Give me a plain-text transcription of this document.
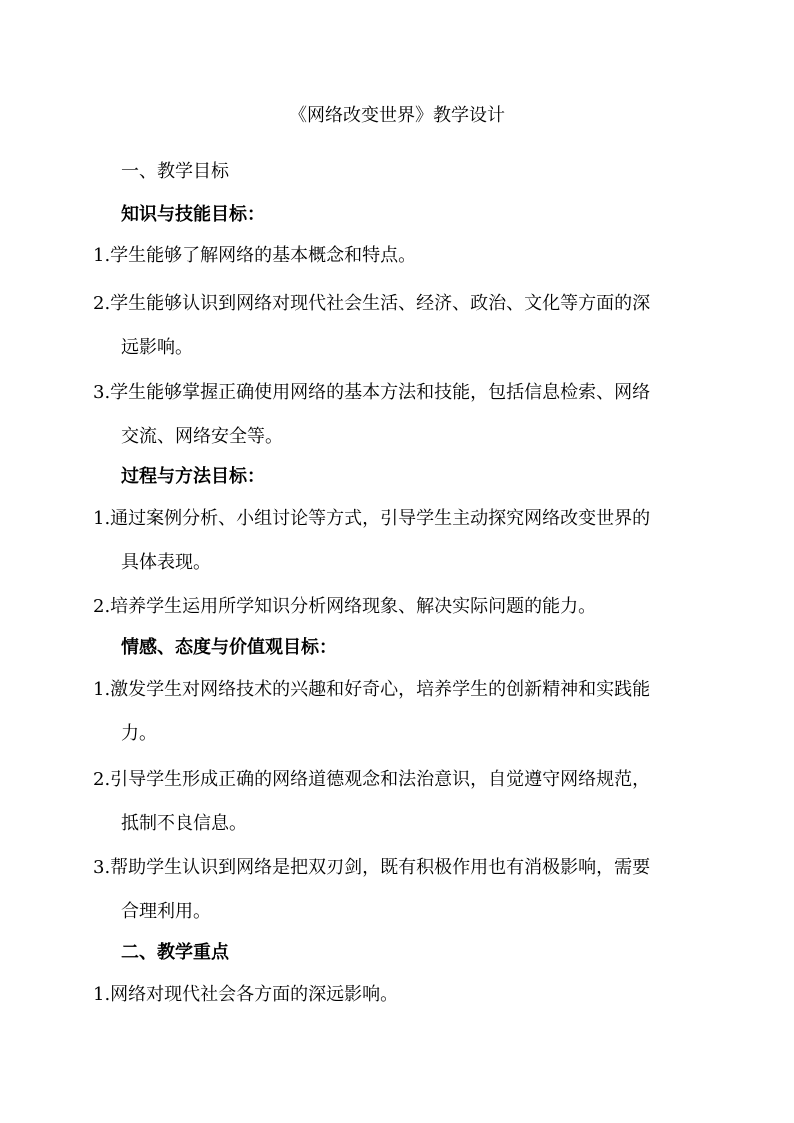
《网络改变世界》教学设计
一、教学目标
知识与技能目标：
1.学生能够了解网络的基本概念和特点。
2.学生能够认识到网络对现代社会生活、经济、政治、文化等方面的深
远影响。
3.学生能够掌握正确使用网络的基本方法和技能，包括信息检索、网络
交流、网络安全等。
过程与方法目标：
1.通过案例分析、小组讨论等方式，引导学生主动探究网络改变世界的
具体表现。
2.培养学生运用所学知识分析网络现象、解决实际问题的能力。
情感、态度与价值观目标：
1.激发学生对网络技术的兴趣和好奇心，培养学生的创新精神和实践能
力。
2.引导学生形成正确的网络道德观念和法治意识，自觉遵守网络规范，
抵制不良信息。
3.帮助学生认识到网络是把双刃剑，既有积极作用也有消极影响，需要
合理利用。
二、教学重点
1.网络对现代社会各方面的深远影响。
